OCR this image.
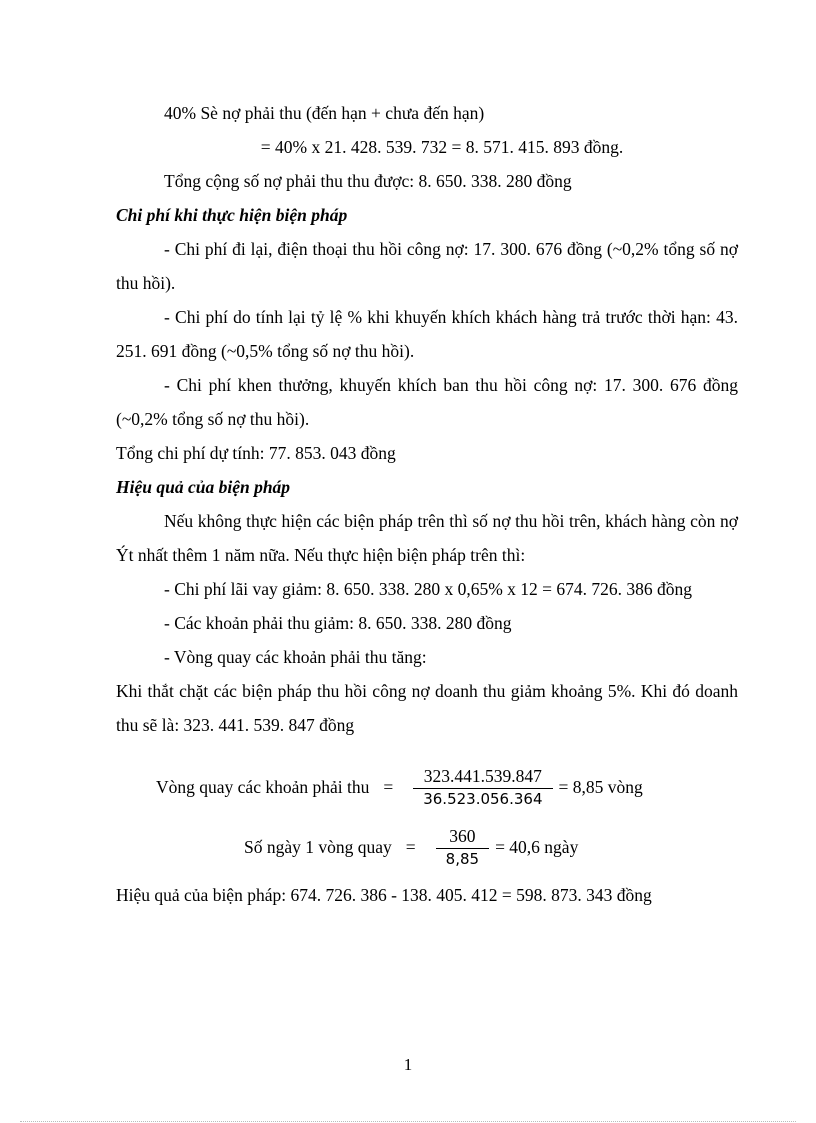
40% Sè nợ phải thu (đến hạn + chưa đến hạn)

= 40% x 21. 428. 539. 732 = 8. 571. 415. 893 đồng.

Tổng cộng số nợ phải thu thu được: 8. 650. 338. 280 đồng

Chi phí khi thực hiện biện pháp

- Chi phí đi lại, điện thoại thu hồi công nợ: 17. 300. 676 đồng (~0,2% tổng số nợ thu hồi).

- Chi phí do tính lại tỷ lệ % khi khuyến khích khách hàng trả trước thời hạn: 43. 251. 691 đồng (~0,5% tổng số nợ thu hồi).

- Chi phí khen thưởng, khuyến khích ban thu hồi công nợ: 17. 300. 676 đồng (~0,2% tổng số nợ thu hồi).

Tổng chi phí dự tính: 77. 853. 043 đồng

Hiệu quả của biện pháp

Nếu không thực hiện các biện pháp trên thì số nợ thu hồi trên, khách hàng còn nợ Ýt nhất thêm 1 năm nữa. Nếu thực hiện biện pháp trên thì:

- Chi phí lãi vay giảm: 8. 650. 338. 280 x 0,65% x 12 = 674. 726. 386 đồng

- Các khoản phải thu giảm: 8. 650. 338. 280 đồng

- Vòng quay các khoản phải thu tăng:

Khi thắt chặt các biện pháp thu hồi công nợ doanh thu giảm khoảng 5%. Khi đó doanh thu sẽ là: 323. 441. 539. 847 đồng

Vòng quay các khoản phải thu = $\frac{323.441.539.847}{36.523.056.364} = 8,85$ vòng
Số ngày 1 vòng quay = $\frac{360}{8,85} = 40,6$ ngày

Hiệu quả của biện pháp: 674. 726. 386 - 138. 405. 412 = 598. 873. 343 đồng

1
